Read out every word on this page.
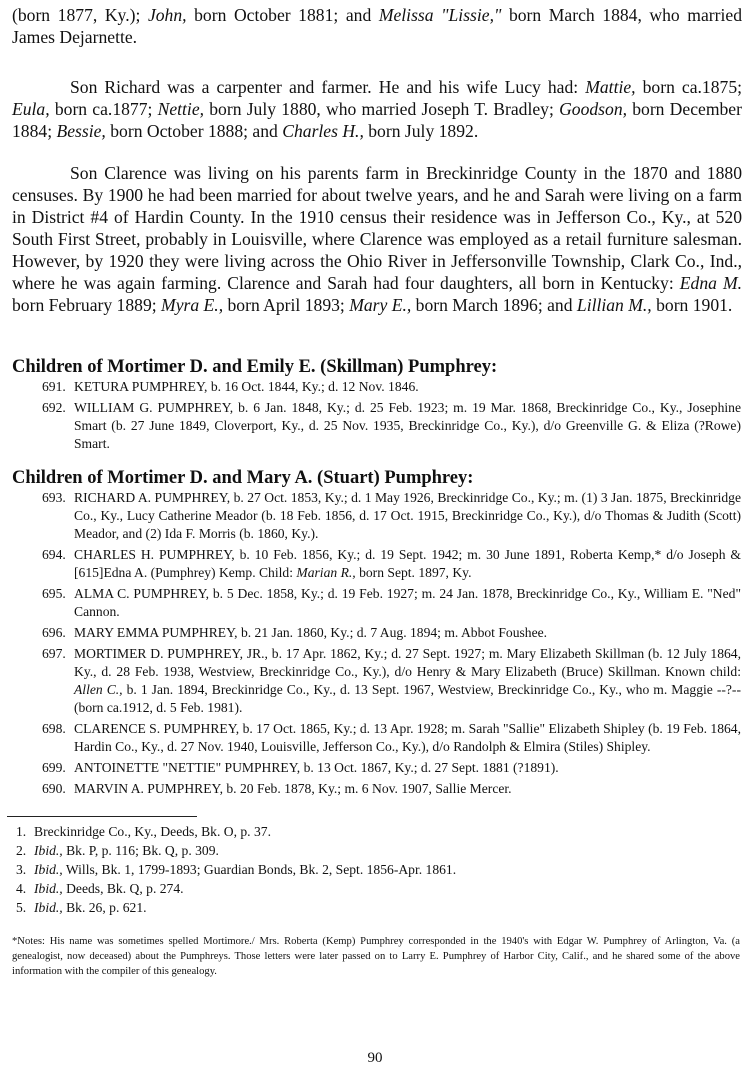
(born 1877, Ky.); John, born October 1881; and Melissa "Lissie," born March 1884, who married James Dejarnette.

Son Richard was a carpenter and farmer. He and his wife Lucy had: Mattie, born ca.1875; Eula, born ca.1877; Nettie, born July 1880, who married Joseph T. Bradley; Goodson, born December 1884; Bessie, born October 1888; and Charles H., born July 1892.

Son Clarence was living on his parents farm in Breckinridge County in the 1870 and 1880 censuses. By 1900 he had been married for about twelve years, and he and Sarah were living on a farm in District #4 of Hardin County. In the 1910 census their residence was in Jefferson Co., Ky., at 520 South First Street, probably in Louisville, where Clarence was employed as a retail furniture salesman. However, by 1920 they were living across the Ohio River in Jeffersonville Township, Clark Co., Ind., where he was again farming. Clarence and Sarah had four daughters, all born in Kentucky: Edna M. born February 1889; Myra E., born April 1893; Mary E., born March 1896; and Lillian M., born 1901.

Children of Mortimer D. and Emily E. (Skillman) Pumphrey:

691. KETURA PUMPHREY, b. 16 Oct. 1844, Ky.; d. 12 Nov. 1846.

692. WILLIAM G. PUMPHREY, b. 6 Jan. 1848, Ky.; d. 25 Feb. 1923; m. 19 Mar. 1868, Breckinridge Co., Ky., Josephine Smart (b. 27 June 1849, Cloverport, Ky., d. 25 Nov. 1935, Breckinridge Co., Ky.), d/o Greenville G. & Eliza (?Rowe) Smart.

Children of Mortimer D. and Mary A. (Stuart) Pumphrey:

693. RICHARD A. PUMPHREY, b. 27 Oct. 1853, Ky.; d. 1 May 1926, Breckinridge Co., Ky.; m. (1) 3 Jan. 1875, Breckinridge Co., Ky., Lucy Catherine Meador (b. 18 Feb. 1856, d. 17 Oct. 1915, Breckinridge Co., Ky.), d/o Thomas & Judith (Scott) Meador, and (2) Ida F. Morris (b. 1860, Ky.).

694. CHARLES H. PUMPHREY, b. 10 Feb. 1856, Ky.; d. 19 Sept. 1942; m. 30 June 1891, Roberta Kemp,* d/o Joseph & [615]Edna A. (Pumphrey) Kemp. Child: Marian R., born Sept. 1897, Ky.

695. ALMA C. PUMPHREY, b. 5 Dec. 1858, Ky.; d. 19 Feb. 1927; m. 24 Jan. 1878, Breckinridge Co., Ky., William E. "Ned" Cannon.

696. MARY EMMA PUMPHREY, b. 21 Jan. 1860, Ky.; d. 7 Aug. 1894; m. Abbot Foushee.

697. MORTIMER D. PUMPHREY, JR., b. 17 Apr. 1862, Ky.; d. 27 Sept. 1927; m. Mary Elizabeth Skillman (b. 12 July 1864, Ky., d. 28 Feb. 1938, Westview, Breckinridge Co., Ky.), d/o Henry & Mary Elizabeth (Bruce) Skillman. Known child: Allen C., b. 1 Jan. 1894, Breckinridge Co., Ky., d. 13 Sept. 1967, Westview, Breckinridge Co., Ky., who m. Maggie --?-- (born ca.1912, d. 5 Feb. 1981).

698. CLARENCE S. PUMPHREY, b. 17 Oct. 1865, Ky.; d. 13 Apr. 1928; m. Sarah "Sallie" Elizabeth Shipley (b. 19 Feb. 1864, Hardin Co., Ky., d. 27 Nov. 1940, Louisville, Jefferson Co., Ky.), d/o Randolph & Elmira (Stiles) Shipley.

699. ANTOINETTE "NETTIE" PUMPHREY, b. 13 Oct. 1867, Ky.; d. 27 Sept. 1881 (?1891).

690. MARVIN A. PUMPHREY, b. 20 Feb. 1878, Ky.; m. 6 Nov. 1907, Sallie Mercer.

1. Breckinridge Co., Ky., Deeds, Bk. O, p. 37.

2. Ibid., Bk. P, p. 116; Bk. Q, p. 309.

3. Ibid., Wills, Bk. 1, 1799-1893; Guardian Bonds, Bk. 2, Sept. 1856-Apr. 1861.

4. Ibid., Deeds, Bk. Q, p. 274.

5. Ibid., Bk. 26, p. 621.

*Notes: His name was sometimes spelled Mortimore./ Mrs. Roberta (Kemp) Pumphrey corresponded in the 1940's with Edgar W. Pumphrey of Arlington, Va. (a genealogist, now deceased) about the Pumphreys. Those letters were later passed on to Larry E. Pumphrey of Harbor City, Calif., and he shared some of the above information with the compiler of this genealogy.

90
